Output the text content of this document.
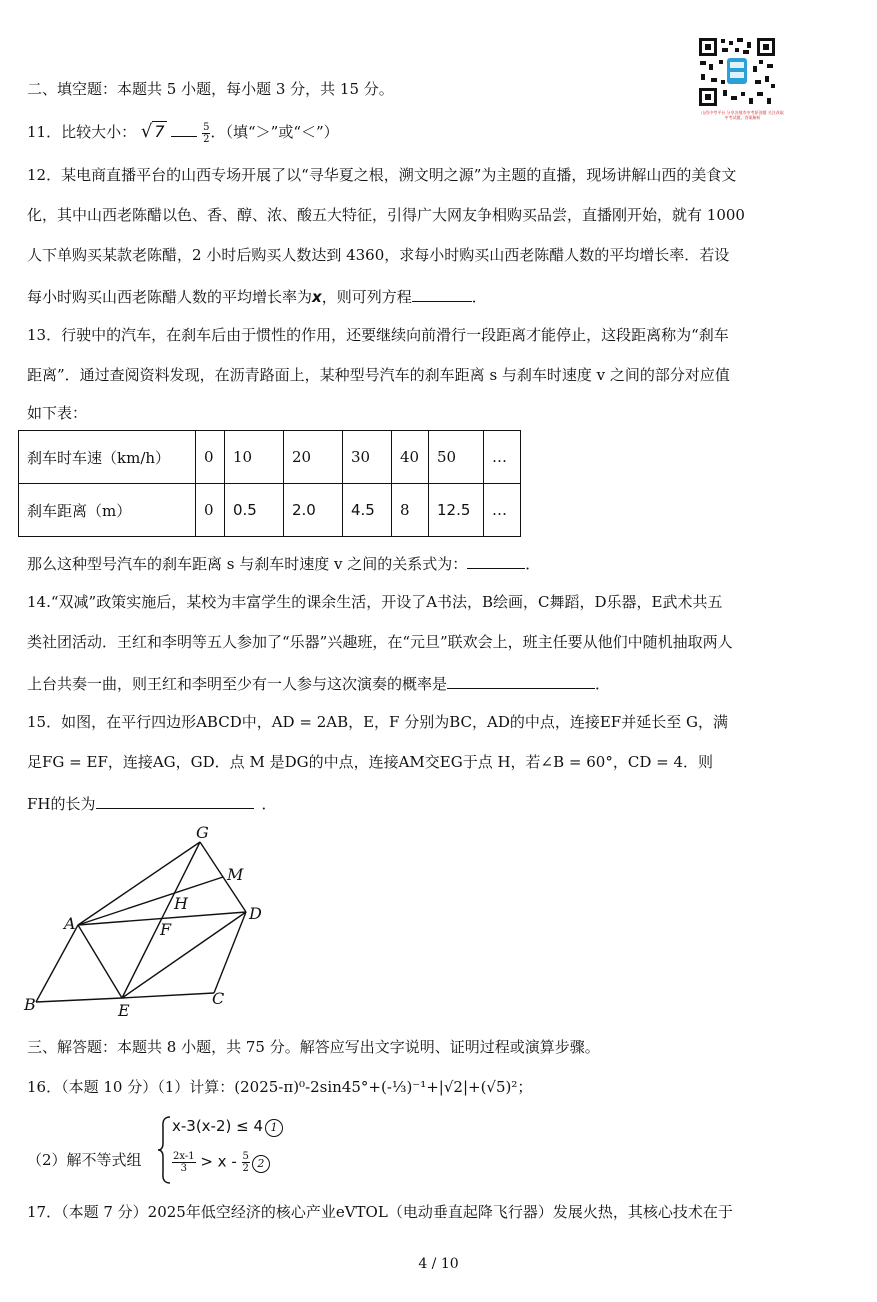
山西中考平台 分享各地市中考原创题 关注获取中考试题、答案解析
二、填空题：本题共 5 小题，每小题 3 分，共 15 分。
11．比较大小： √ 7	$\frac{5}{2}$．（填“＞”或“＜”）
12．某电商直播平台的山西专场开展了以“寻华夏之根，溯文明之源”为主题的直播，现场讲解山西的美食文
化，其中山西老陈醋以色、香、醇、浓、酸五大特征，引得广大网友争相购买品尝，直播刚开始，就有 1000
人下单购买某款老陈醋，2 小时后购买人数达到 4360，求每小时购买山西老陈醋人数的平均增长率．若设
每小时购买山西老陈醋人数的平均增长率为x，则可列方程	．
13．行驶中的汽车，在刹车后由于惯性的作用，还要继续向前滑行一段距离才能停止，这段距离称为“刹车
距离”．通过查阅资料发现，在沥青路面上，某种型号汽车的刹车距离 s 与刹车时速度 v 之间的部分对应值
如下表：
刹车时车速（km/h）	0	10	20	30	40	50	…
刹车距离（m）	0	0.5	2.0	4.5	8	12.5	…
那么这种型号汽车的刹车距离 s 与刹车时速度 v 之间的关系式为：	．
14.“双减”政策实施后，某校为丰富学生的课余生活，开设了A书法，B绘画，C舞蹈，D乐器，E武术共五
类社团活动．王红和李明等五人参加了“乐器”兴趣班，在“元旦”联欢会上，班主任要从他们中随机抽取两人
上台共奏一曲，则王红和李明至少有一人参与这次演奏的概率是	．
15．如图，在平行四边形ABCD中，AD = 2AB，E，F 分别为BC，AD的中点，连接EF并延长至 G，满
足FG = EF，连接AG，GD．点 M 是DG的中点，连接AM交EG于点 H，若∠B = 60°，CD = 4．则
FH的长为	．
G
M
H
A
D
F
B	E
C
三、解答题：本题共 8 小题，共 75 分。解答应写出文字说明、证明过程或演算步骤。
16．（本题 10 分）（1）计算：(2025-π)⁰-2sin45°+(-⅓)⁻¹+|√2|+(√5)²；
（2）解不等式组
x-3(x-2) ≤ 4 1
$\frac{2x-1}{3} > x - \frac{5}{2} 2$
17．（本题 7 分）2025年低空经济的核心产业eVTOL（电动垂直起降飞行器）发展火热，其核心技术在于
4 / 10
